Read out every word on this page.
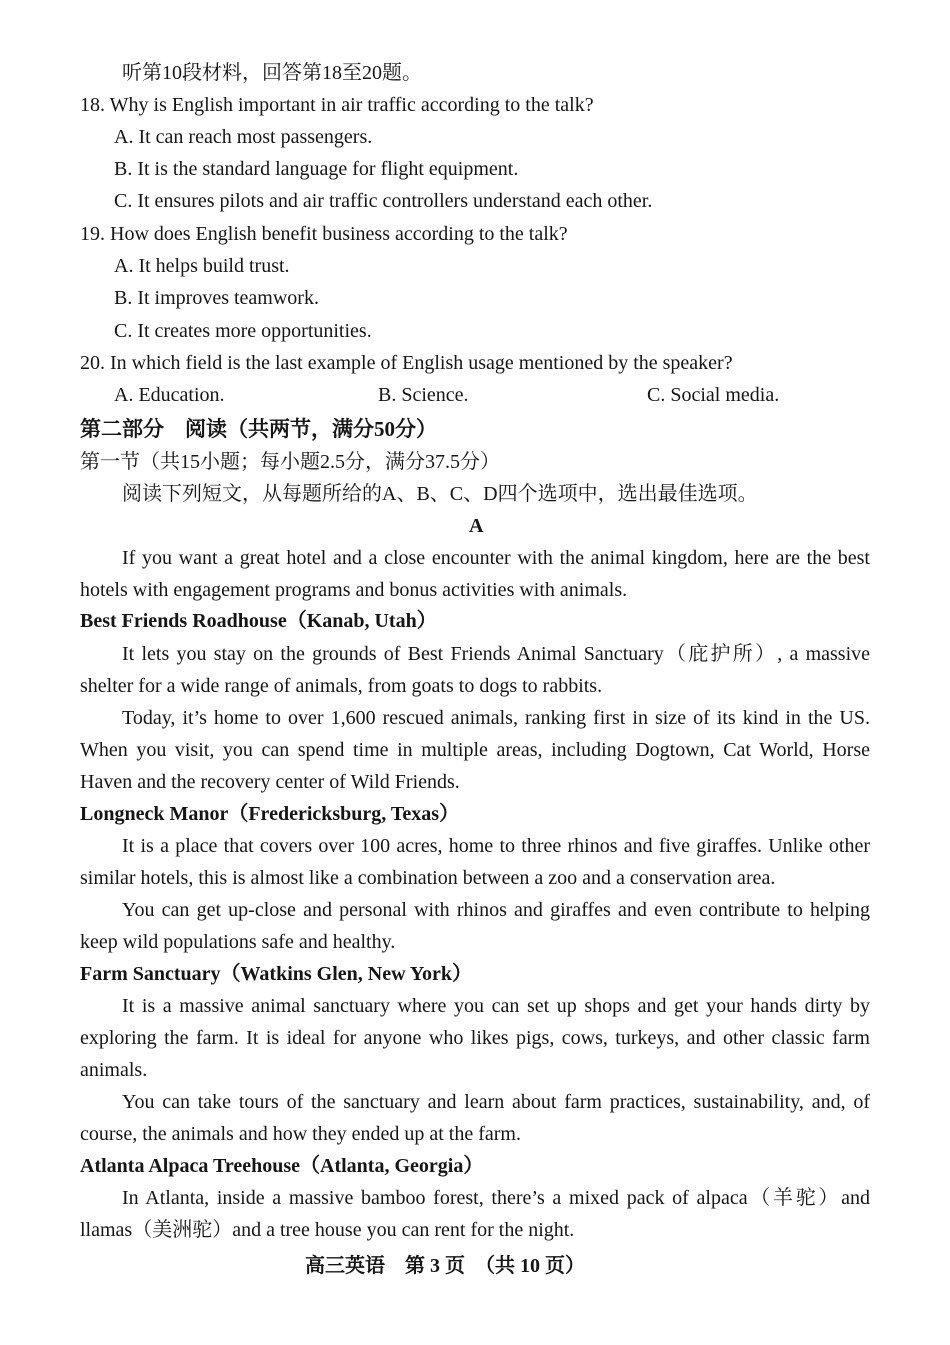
听第10段材料，回答第18至20题。
18. Why is English important in air traffic according to the talk?
A. It can reach most passengers.
B. It is the standard language for flight equipment.
C. It ensures pilots and air traffic controllers understand each other.
19. How does English benefit business according to the talk?
A. It helps build trust.
B. It improves teamwork.
C. It creates more opportunities.
20. In which field is the last example of English usage mentioned by the speaker?
A. Education.	B. Science.	C. Social media.
第二部分　阅读（共两节，满分50分）
第一节（共15小题；每小题2.5分，满分37.5分）
阅读下列短文，从每题所给的A、B、C、D四个选项中，选出最佳选项。
A
If you want a great hotel and a close encounter with the animal kingdom, here are the best
hotels with engagement programs and bonus activities with animals.
Best Friends Roadhouse（Kanab, Utah）
It lets you stay on the grounds of Best Friends Animal Sanctuary（庇护所）, a massive
shelter for a wide range of animals, from goats to dogs to rabbits.
Today, it’s home to over 1,600 rescued animals, ranking first in size of its kind in the US.
When you visit, you can spend time in multiple areas, including Dogtown, Cat World, Horse
Haven and the recovery center of Wild Friends.
Longneck Manor（Fredericksburg, Texas）
It is a place that covers over 100 acres, home to three rhinos and five giraffes. Unlike other
similar hotels, this is almost like a combination between a zoo and a conservation area.
You can get up-close and personal with rhinos and giraffes and even contribute to helping
keep wild populations safe and healthy.
Farm Sanctuary（Watkins Glen, New York）
It is a massive animal sanctuary where you can set up shops and get your hands dirty by
exploring the farm. It is ideal for anyone who likes pigs, cows, turkeys, and other classic farm
animals.
You can take tours of the sanctuary and learn about farm practices, sustainability, and, of
course, the animals and how they ended up at the farm.
Atlanta Alpaca Treehouse（Atlanta, Georgia）
In Atlanta, inside a massive bamboo forest, there’s a mixed pack of alpaca（羊驼）and
llamas（美洲驼）and a tree house you can rent for the night.
高三英语　第 3 页　（共 10 页）
